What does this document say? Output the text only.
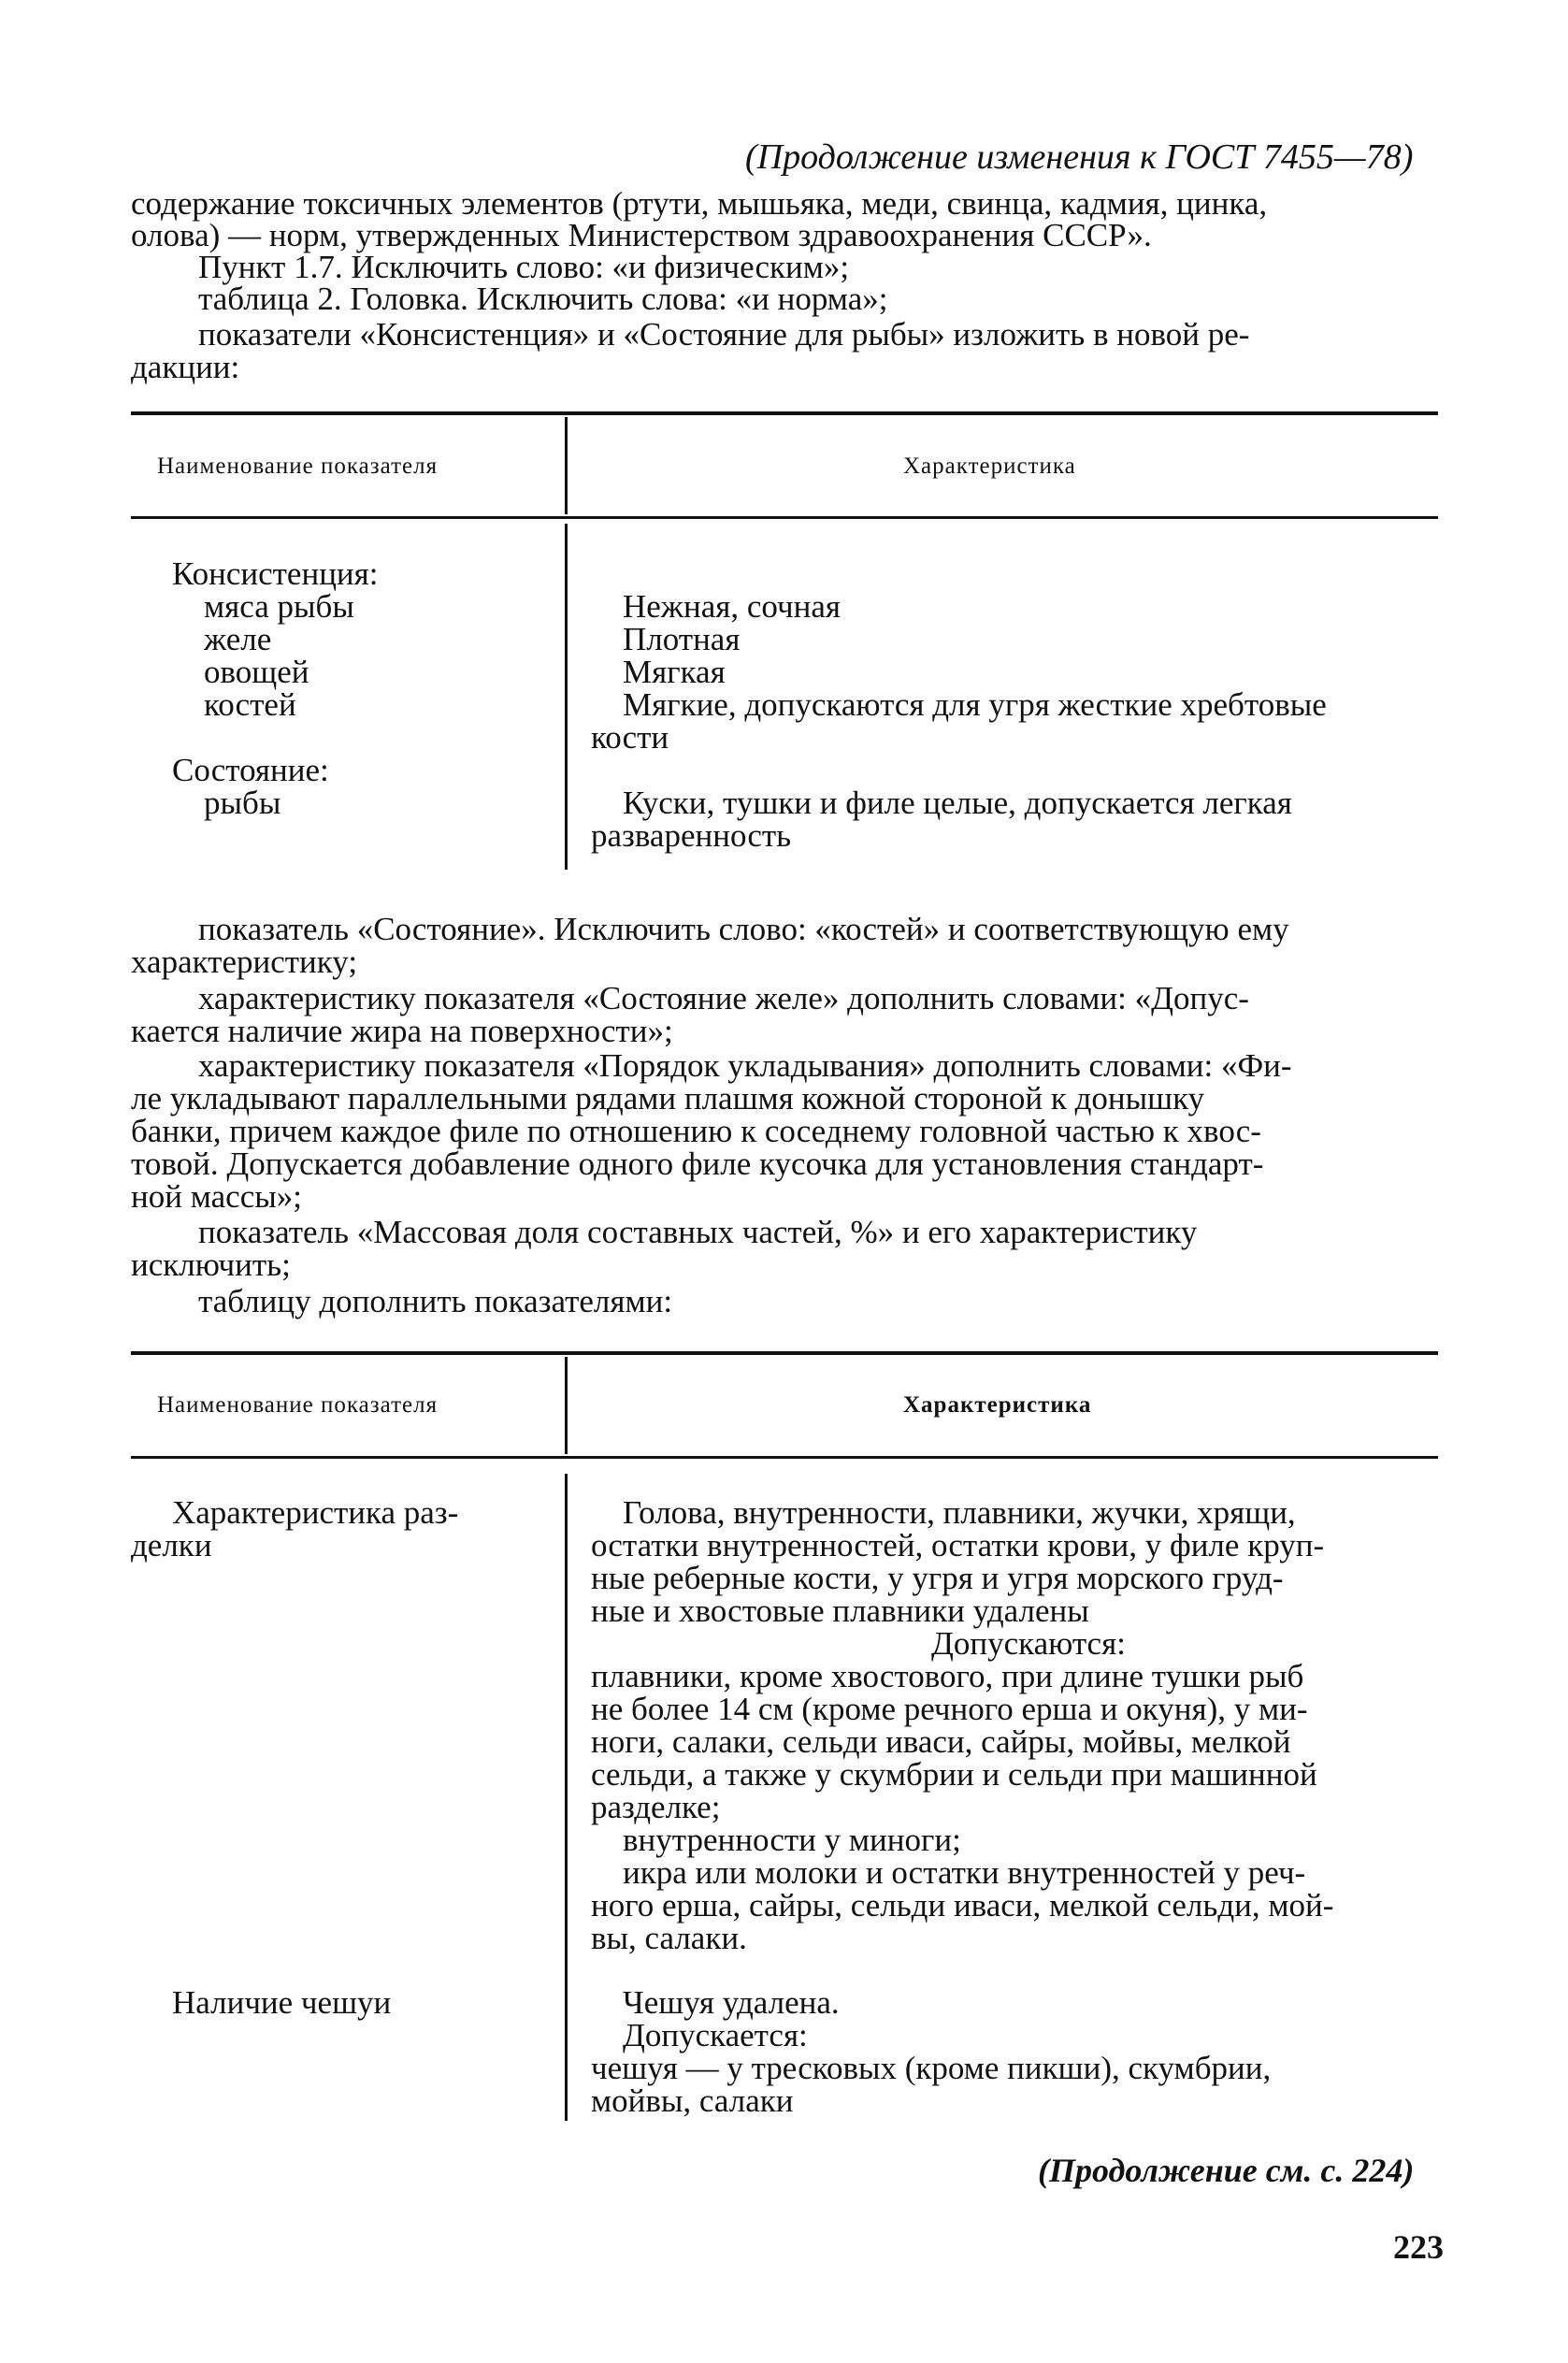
(Продолжение изменения к ГОСТ 7455—78)
содержание токсичных элементов (ртути, мышьяка, меди, свинца, кадмия, цинка,
олова) — норм, утвержденных Министерством здравоохранения СССР».
Пункт 1.7. Исключить слово: «и физическим»;
таблица 2. Головка. Исключить слова: «и норма»;
показатели «Консистенция» и «Состояние для рыбы» изложить в новой ре-
дакции:
Наименование показателя	Характеристика
Консистенция:
мяса рыбы
желе
овощей
костей
Состояние:
рыбы
Нежная, сочная
Плотная
Мягкая
Мягкие, допускаются для угря жесткие хребтовые
кости
Куски, тушки и филе целые, допускается легкая
разваренность
показатель «Состояние». Исключить слово: «костей» и соответствующую ему
характеристику;
характеристику показателя «Состояние желе» дополнить словами: «Допус-
кается наличие жира на поверхности»;
характеристику показателя «Порядок укладывания» дополнить словами: «Фи-
ле укладывают параллельными рядами плашмя кожной стороной к донышку
банки, причем каждое филе по отношению к соседнему головной частью к хвос-
товой. Допускается добавление одного филе кусочка для установления стандарт-
ной массы»;
показатель «Массовая доля составных частей, %» и его характеристику
исключить;
таблицу дополнить показателями:
Наименование показателя	Характеристика
Характеристика раз-
делки
Наличие чешуи
Голова, внутренности, плавники, жучки, хрящи,
остатки внутренностей, остатки крови, у филе круп-
ные реберные кости, у угря и угря морского груд-
ные и хвостовые плавники удалены
Допускаются:
плавники, кроме хвостового, при длине тушки рыб
не более 14 см (кроме речного ерша и окуня), у ми-
ноги, салаки, сельди иваси, сайры, мойвы, мелкой
сельди, а также у скумбрии и сельди при машинной
разделке;
внутренности у миноги;
икра или молоки и остатки внутренностей у реч-
ного ерша, сайры, сельди иваси, мелкой сельди, мой-
вы, салаки.
Чешуя удалена.
Допускается:
чешуя — у тресковых (кроме пикши), скумбрии,
мойвы, салаки
(Продолжение см. с. 224)
223
